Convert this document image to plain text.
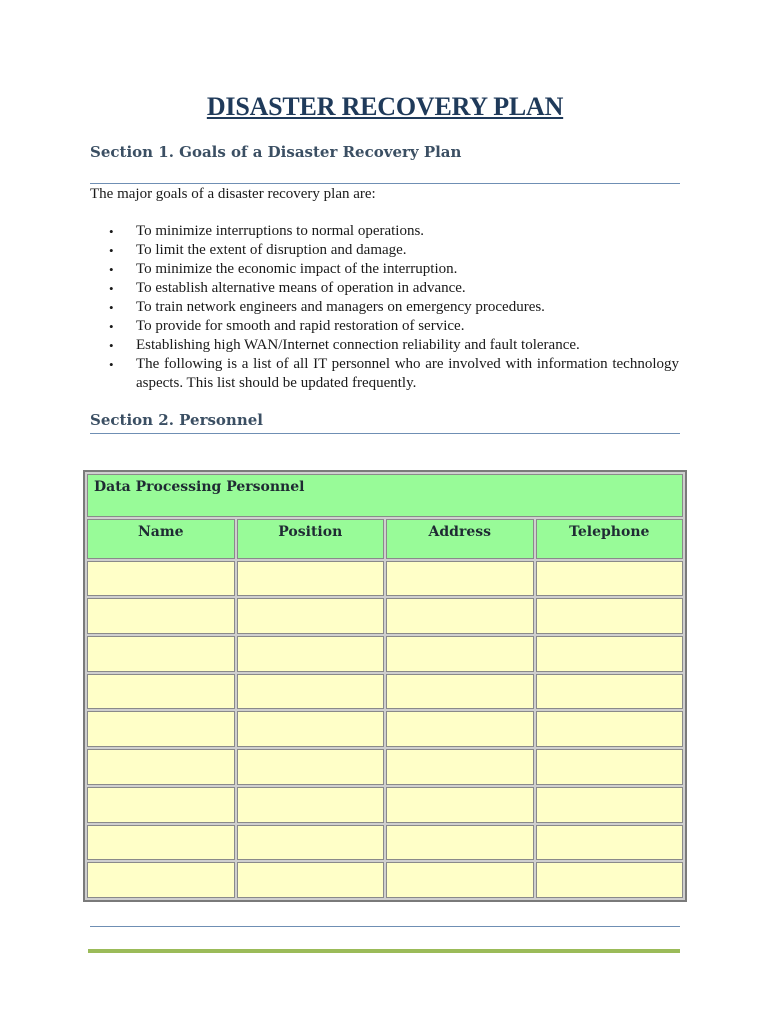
DISASTER RECOVERY PLAN
Section 1. Goals of a Disaster Recovery Plan
The major goals of a disaster recovery plan are:
• To minimize interruptions to normal operations.
• To limit the extent of disruption and damage.
• To minimize the economic impact of the interruption.
• To establish alternative means of operation in advance.
• To train network engineers and managers on emergency procedures.
• To provide for smooth and rapid restoration of service.
• Establishing high WAN/Internet connection reliability and fault tolerance.
• The following is a list of all IT personnel who are involved with information technology aspects. This list should be updated frequently.
Section 2. Personnel
Data Processing Personnel			
Name	Position	Address	Telephone
